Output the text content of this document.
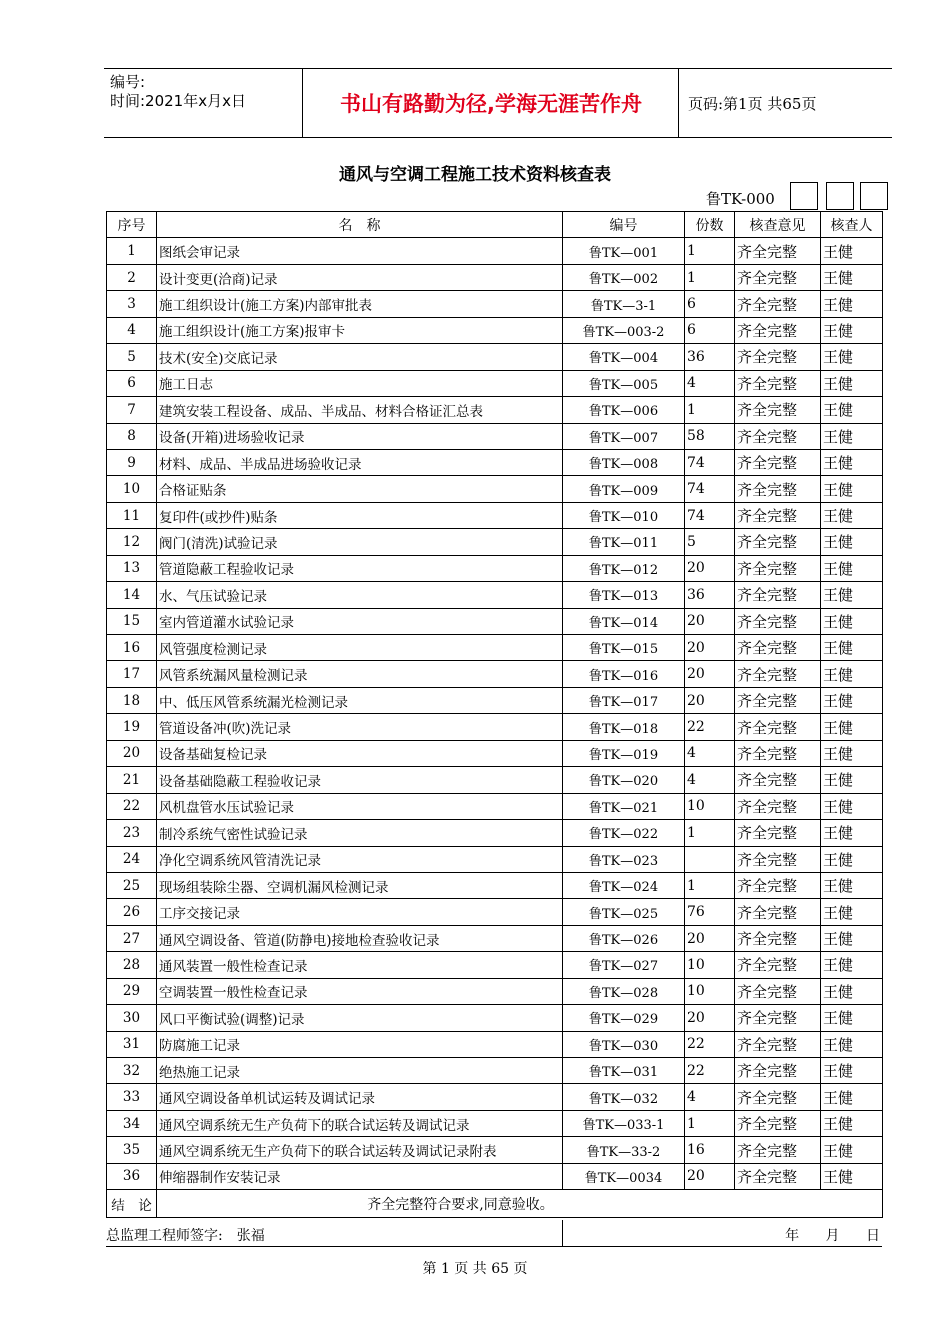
编号:
时间:2021年x月x日	书山有路勤为径,学海无涯苦作舟	页码:第1页 共65页
通风与空调工程施工技术资料核查表
鲁TK-000
序号	名　称	编号	份数	核查意见	核查人
1	图纸会审记录	鲁TK—001	1	齐全完整	王健
2	设计变更(洽商)记录	鲁TK—002	1	齐全完整	王健
3	施工组织设计(施工方案)内部审批表	鲁TK—3-1	6	齐全完整	王健
4	施工组织设计(施工方案)报审卡	鲁TK—003-2	6	齐全完整	王健
5	技术(安全)交底记录	鲁TK—004	36	齐全完整	王健
6	施工日志	鲁TK—005	4	齐全完整	王健
7	建筑安装工程设备、成品、半成品、材料合格证汇总表	鲁TK—006	1	齐全完整	王健
8	设备(开箱)进场验收记录	鲁TK—007	58	齐全完整	王健
9	材料、成品、半成品进场验收记录	鲁TK—008	74	齐全完整	王健
10	合格证贴条	鲁TK—009	74	齐全完整	王健
11	复印件(或抄件)贴条	鲁TK—010	74	齐全完整	王健
12	阀门(清洗)试验记录	鲁TK—011	5	齐全完整	王健
13	管道隐蔽工程验收记录	鲁TK—012	20	齐全完整	王健
14	水、气压试验记录	鲁TK—013	36	齐全完整	王健
15	室内管道灌水试验记录	鲁TK—014	20	齐全完整	王健
16	风管强度检测记录	鲁TK—015	20	齐全完整	王健
17	风管系统漏风量检测记录	鲁TK—016	20	齐全完整	王健
18	中、低压风管系统漏光检测记录	鲁TK—017	20	齐全完整	王健
19	管道设备冲(吹)洗记录	鲁TK—018	22	齐全完整	王健
20	设备基础复检记录	鲁TK—019	4	齐全完整	王健
21	设备基础隐蔽工程验收记录	鲁TK—020	4	齐全完整	王健
22	风机盘管水压试验记录	鲁TK—021	10	齐全完整	王健
23	制冷系统气密性试验记录	鲁TK—022	1	齐全完整	王健
24	净化空调系统风管清洗记录	鲁TK—023		齐全完整	王健
25	现场组装除尘器、空调机漏风检测记录	鲁TK—024	1	齐全完整	王健
26	工序交接记录	鲁TK—025	76	齐全完整	王健
27	通风空调设备、管道(防静电)接地检查验收记录	鲁TK—026	20	齐全完整	王健
28	通风装置一般性检查记录	鲁TK—027	10	齐全完整	王健
29	空调装置一般性检查记录	鲁TK—028	10	齐全完整	王健
30	风口平衡试验(调整)记录	鲁TK—029	20	齐全完整	王健
31	防腐施工记录	鲁TK—030	22	齐全完整	王健
32	绝热施工记录	鲁TK—031	22	齐全完整	王健
33	通风空调设备单机试运转及调试记录	鲁TK—032	4	齐全完整	王健
34	通风空调系统无生产负荷下的联合试运转及调试记录	鲁TK—033-1	1	齐全完整	王健
35	通风空调系统无生产负荷下的联合试运转及调试记录附表	鲁TK—33-2	16	齐全完整	王健
36	伸缩器制作安装记录	鲁TK—0034	20	齐全完整	王健
结　论	齐全完整符合要求,同意验收。				
总监理工程师签字:　张福	年 月 日
第 1 页 共 65 页
